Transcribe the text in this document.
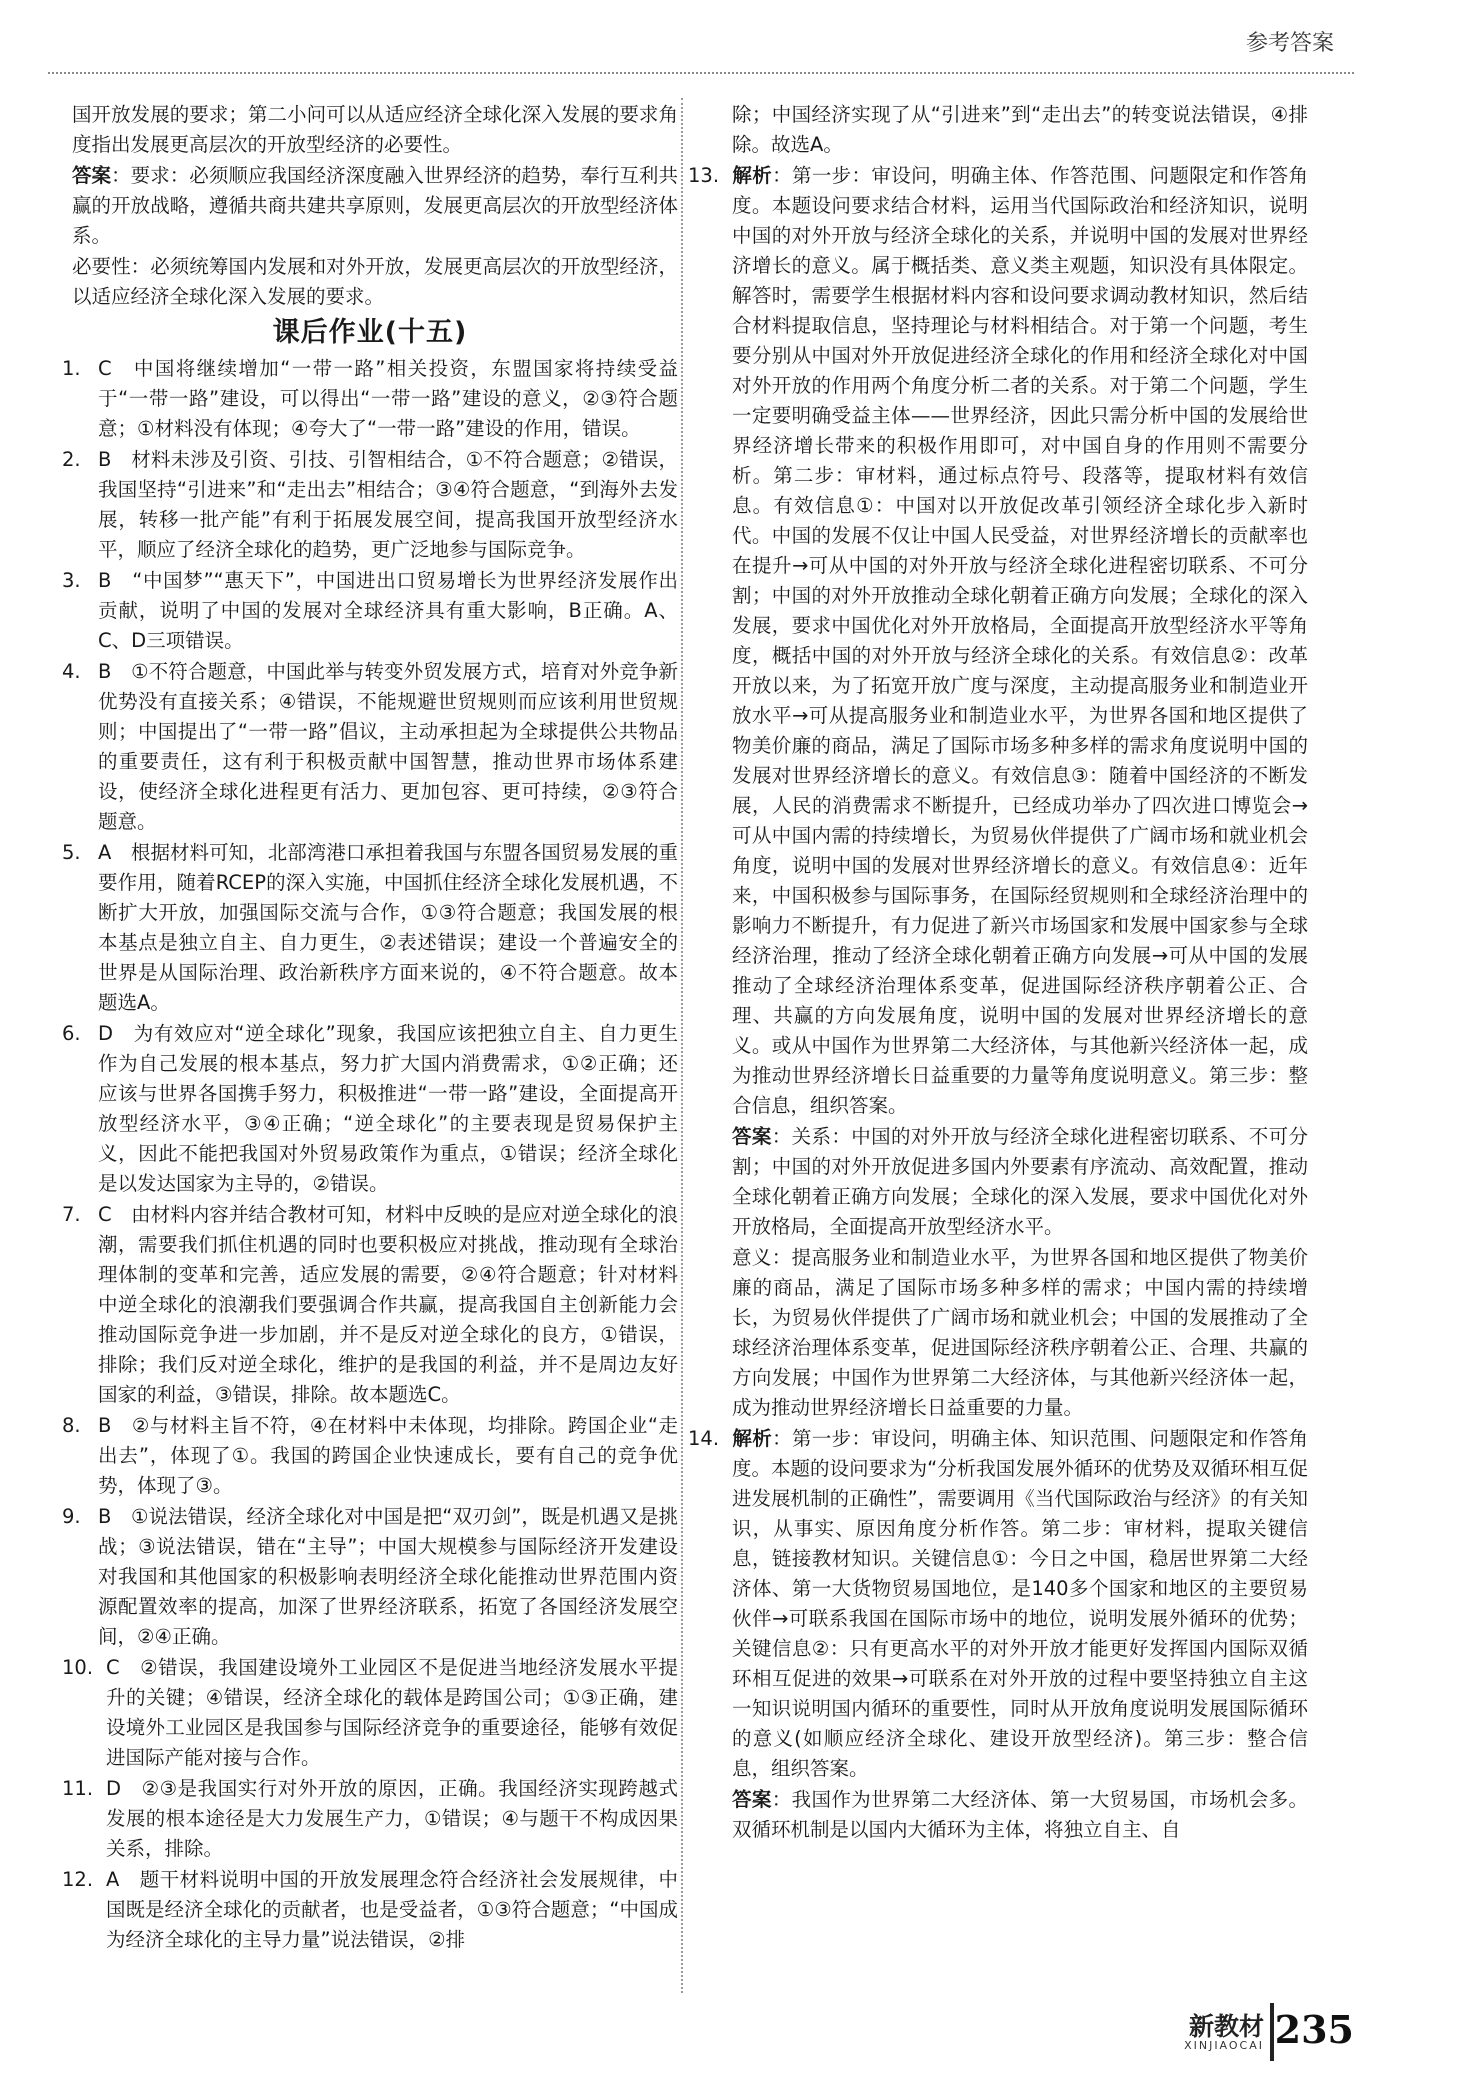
参考答案

国开放发展的要求；第二小问可以从适应经济全球化深入发展的要求角度指出发展更高层次的开放型经济的必要性。

答案：要求：必须顺应我国经济深度融入世界经济的趋势，奉行互利共赢的开放战略，遵循共商共建共享原则，发展更高层次的开放型经济体系。

必要性：必须统筹国内发展和对外开放，发展更高层次的开放型经济，以适应经济全球化深入发展的要求。

课后作业(十五)

1. C　中国将继续增加“一带一路”相关投资，东盟国家将持续受益于“一带一路”建设，可以得出“一带一路”建设的意义，②③符合题意；①材料没有体现；④夸大了“一带一路”建设的作用，错误。

2. B　材料未涉及引资、引技、引智相结合，①不符合题意；②错误，我国坚持“引进来”和“走出去”相结合；③④符合题意，“到海外去发展，转移一批产能”有利于拓展发展空间，提高我国开放型经济水平，顺应了经济全球化的趋势，更广泛地参与国际竞争。

3. B　“中国梦”“惠天下”，中国进出口贸易增长为世界经济发展作出贡献，说明了中国的发展对全球经济具有重大影响，B正确。A、C、D三项错误。

4. B　①不符合题意，中国此举与转变外贸发展方式，培育对外竞争新优势没有直接关系；④错误，不能规避世贸规则而应该利用世贸规则；中国提出了“一带一路”倡议，主动承担起为全球提供公共物品的重要责任，这有利于积极贡献中国智慧，推动世界市场体系建设，使经济全球化进程更有活力、更加包容、更可持续，②③符合题意。

5. A　根据材料可知，北部湾港口承担着我国与东盟各国贸易发展的重要作用，随着RCEP的深入实施，中国抓住经济全球化发展机遇，不断扩大开放，加强国际交流与合作，①③符合题意；我国发展的根本基点是独立自主、自力更生，②表述错误；建设一个普遍安全的世界是从国际治理、政治新秩序方面来说的，④不符合题意。故本题选A。

6. D　为有效应对“逆全球化”现象，我国应该把独立自主、自力更生作为自己发展的根本基点，努力扩大国内消费需求，①②正确；还应该与世界各国携手努力，积极推进“一带一路”建设，全面提高开放型经济水平，③④正确；“逆全球化”的主要表现是贸易保护主义，因此不能把我国对外贸易政策作为重点，①错误；经济全球化是以发达国家为主导的，②错误。

7. C　由材料内容并结合教材可知，材料中反映的是应对逆全球化的浪潮，需要我们抓住机遇的同时也要积极应对挑战，推动现有全球治理体制的变革和完善，适应发展的需要，②④符合题意；针对材料中逆全球化的浪潮我们要强调合作共赢，提高我国自主创新能力会推动国际竞争进一步加剧，并不是反对逆全球化的良方，①错误，排除；我们反对逆全球化，维护的是我国的利益，并不是周边友好国家的利益，③错误，排除。故本题选C。

8. B　②与材料主旨不符，④在材料中未体现，均排除。跨国企业“走出去”，体现了①。我国的跨国企业快速成长，要有自己的竞争优势，体现了③。

9. B　①说法错误，经济全球化对中国是把“双刃剑”，既是机遇又是挑战；③说法错误，错在“主导”；中国大规模参与国际经济开发建设对我国和其他国家的积极影响表明经济全球化能推动世界范围内资源配置效率的提高，加深了世界经济联系，拓宽了各国经济发展空间，②④正确。

10. C　②错误，我国建设境外工业园区不是促进当地经济发展水平提升的关键；④错误，经济全球化的载体是跨国公司；①③正确，建设境外工业园区是我国参与国际经济竞争的重要途径，能够有效促进国际产能对接与合作。

11. D　②③是我国实行对外开放的原因，正确。我国经济实现跨越式发展的根本途径是大力发展生产力，①错误；④与题干不构成因果关系，排除。

12. A　题干材料说明中国的开放发展理念符合经济社会发展规律，中国既是经济全球化的贡献者，也是受益者，①③符合题意；“中国成为经济全球化的主导力量”说法错误，②排

除；中国经济实现了从“引进来”到“走出去”的转变说法错误，④排除。故选A。

13. 解析：第一步：审设问，明确主体、作答范围、问题限定和作答角度。本题设问要求结合材料，运用当代国际政治和经济知识，说明中国的对外开放与经济全球化的关系，并说明中国的发展对世界经济增长的意义。属于概括类、意义类主观题，知识没有具体限定。解答时，需要学生根据材料内容和设问要求调动教材知识，然后结合材料提取信息，坚持理论与材料相结合。对于第一个问题，考生要分别从中国对外开放促进经济全球化的作用和经济全球化对中国对外开放的作用两个角度分析二者的关系。对于第二个问题，学生一定要明确受益主体——世界经济，因此只需分析中国的发展给世界经济增长带来的积极作用即可，对中国自身的作用则不需要分析。第二步：审材料，通过标点符号、段落等，提取材料有效信息。有效信息①：中国对以开放促改革引领经济全球化步入新时代。中国的发展不仅让中国人民受益，对世界经济增长的贡献率也在提升→可从中国的对外开放与经济全球化进程密切联系、不可分割；中国的对外开放推动全球化朝着正确方向发展；全球化的深入发展，要求中国优化对外开放格局，全面提高开放型经济水平等角度，概括中国的对外开放与经济全球化的关系。有效信息②：改革开放以来，为了拓宽开放广度与深度，主动提高服务业和制造业开放水平→可从提高服务业和制造业水平，为世界各国和地区提供了物美价廉的商品，满足了国际市场多种多样的需求角度说明中国的发展对世界经济增长的意义。有效信息③：随着中国经济的不断发展，人民的消费需求不断提升，已经成功举办了四次进口博览会→可从中国内需的持续增长，为贸易伙伴提供了广阔市场和就业机会角度，说明中国的发展对世界经济增长的意义。有效信息④：近年来，中国积极参与国际事务，在国际经贸规则和全球经济治理中的影响力不断提升，有力促进了新兴市场国家和发展中国家参与全球经济治理，推动了经济全球化朝着正确方向发展→可从中国的发展推动了全球经济治理体系变革，促进国际经济秩序朝着公正、合理、共赢的方向发展角度，说明中国的发展对世界经济增长的意义。或从中国作为世界第二大经济体，与其他新兴经济体一起，成为推动世界经济增长日益重要的力量等角度说明意义。第三步：整合信息，组织答案。

答案：关系：中国的对外开放与经济全球化进程密切联系、不可分割；中国的对外开放促进多国内外要素有序流动、高效配置，推动全球化朝着正确方向发展；全球化的深入发展，要求中国优化对外开放格局，全面提高开放型经济水平。

意义：提高服务业和制造业水平，为世界各国和地区提供了物美价廉的商品，满足了国际市场多种多样的需求；中国内需的持续增长，为贸易伙伴提供了广阔市场和就业机会；中国的发展推动了全球经济治理体系变革，促进国际经济秩序朝着公正、合理、共赢的方向发展；中国作为世界第二大经济体，与其他新兴经济体一起，成为推动世界经济增长日益重要的力量。

14. 解析：第一步：审设问，明确主体、知识范围、问题限定和作答角度。本题的设问要求为“分析我国发展外循环的优势及双循环相互促进发展机制的正确性”，需要调用《当代国际政治与经济》的有关知识，从事实、原因角度分析作答。第二步：审材料，提取关键信息，链接教材知识。关键信息①：今日之中国，稳居世界第二大经济体、第一大货物贸易国地位，是140多个国家和地区的主要贸易伙伴→可联系我国在国际市场中的地位，说明发展外循环的优势；关键信息②：只有更高水平的对外开放才能更好发挥国内国际双循环相互促进的效果→可联系在对外开放的过程中要坚持独立自主这一知识说明国内循环的重要性，同时从开放角度说明发展国际循环的意义(如顺应经济全球化、建设开放型经济)。第三步：整合信息，组织答案。

答案：我国作为世界第二大经济体、第一大贸易国，市场机会多。双循环机制是以国内大循环为主体，将独立自主、自

新教材
XINJIAOCAI 235
